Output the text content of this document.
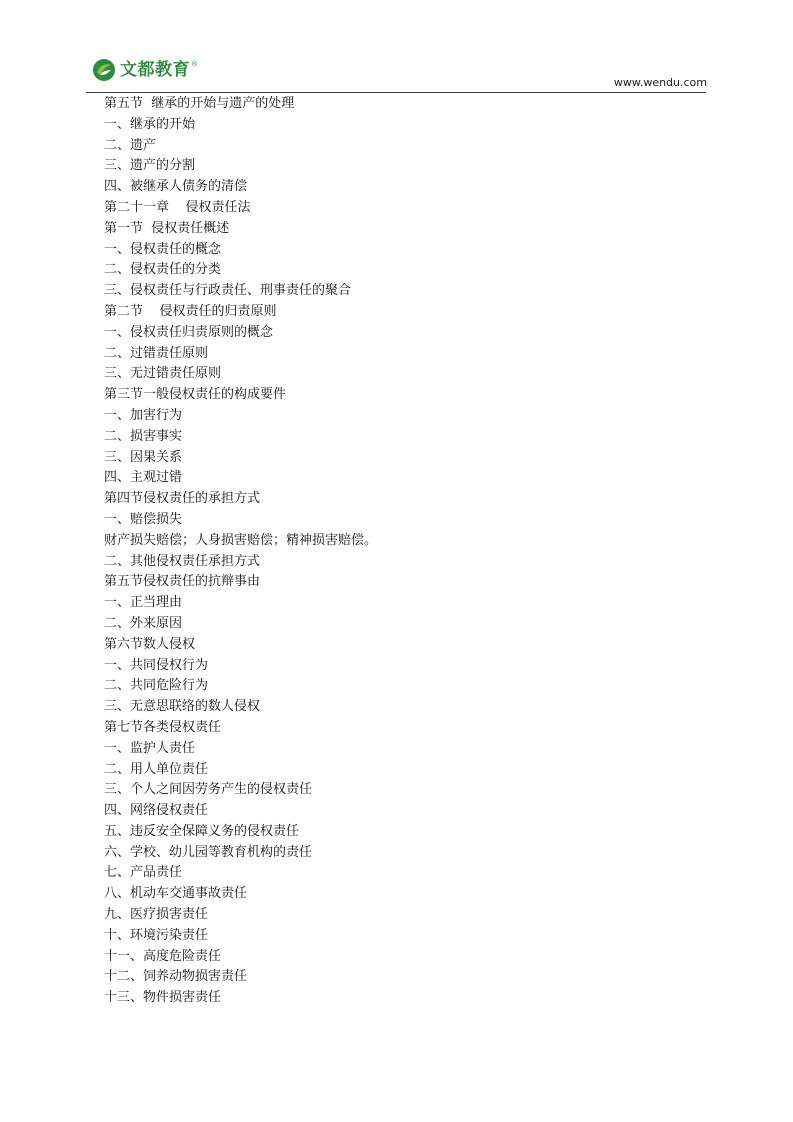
文都教育 ®
www.wendu.com
第五节  继承的开始与遗产的处理
一、继承的开始
二、遗产
三、遗产的分割
四、被继承人债务的清偿
第二十一章    侵权责任法
第一节  侵权责任概述
一、侵权责任的概念
二、侵权责任的分类
三、侵权责任与行政责任、刑事责任的聚合
第二节    侵权责任的归责原则
一、侵权责任归责原则的概念
二、过错责任原则
三、无过错责任原则
第三节一般侵权责任的构成要件
一、加害行为
二、损害事实
三、因果关系
四、主观过错
第四节侵权责任的承担方式
一、赔偿损失
财产损失赔偿；人身损害赔偿；精神损害赔偿。
二、其他侵权责任承担方式
第五节侵权责任的抗辩事由
一、正当理由
二、外来原因
第六节数人侵权
一、共同侵权行为
二、共同危险行为
三、无意思联络的数人侵权
第七节各类侵权责任
一、监护人责任
二、用人单位责任
三、个人之间因劳务产生的侵权责任
四、网络侵权责任
五、违反安全保障义务的侵权责任
六、学校、幼儿园等教育机构的责任
七、产品责任
八、机动车交通事故责任
九、医疗损害责任
十、环境污染责任
十一、高度危险责任
十二、饲养动物损害责任
十三、物件损害责任
